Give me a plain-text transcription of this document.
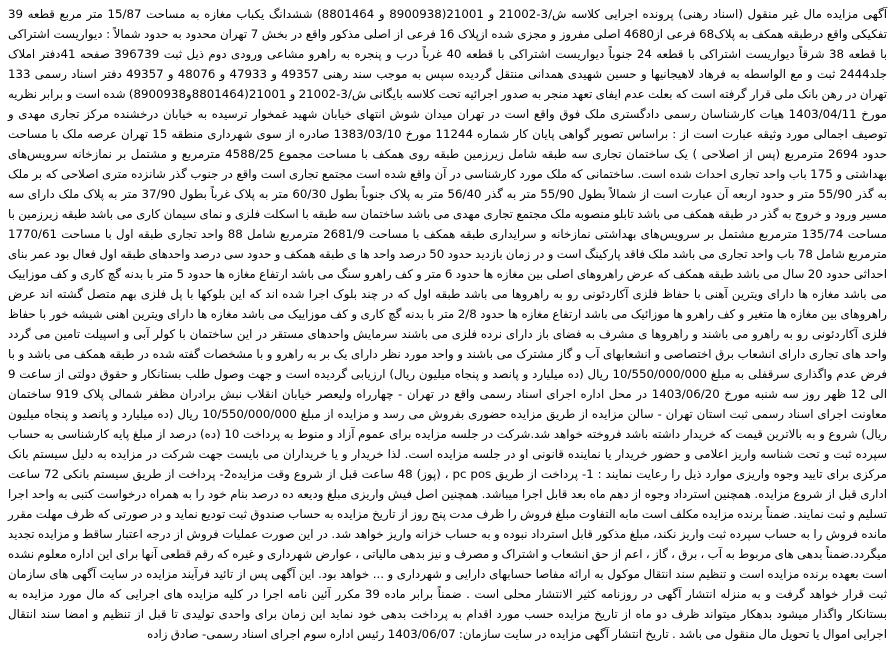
آگهی مزایده مال غیر منقول (اسناد رهنی) پرونده اجرایی کلاسه ش/3-21002 و 21001(8900938 و 8801464) ششدانگ یکباب مغازه به مساحت 15/87 متر مربع قطعه 39 تفکیکی واقع درطبقه همکف به پلاک68 فرعی از4680 اصلی مفروز و مجزی شده ازپلاک 16 فرعی از اصلی مذکور واقع در بخش 7 تهران محدود به حدود شمالاً : دیواریست اشتراکی با قطعه 38 شرقاً دیواریست اشتراکی با قطعه 24 جنوباً دیواریست اشتراکی با قطعه 40 غرباً درب و پنجره به راهرو مشاعی ورودی دوم ذیل ثبت 396739 صفحه 41دفتر املاک جلد2444 ثبت و مع الواسطه به فرهاد لاهیجانیها و حسین شهیدی همدانی منتقل گردیده سپس به موجب سند رهنی 49357 و 47933 و 48076 و 49357 دفتر اسناد رسمی 133 تهران در رهن بانک ملی قرار گرفته است که بعلت عدم ایفای تعهد منجر به صدور اجرائیه تحت کلاسه بایگانی ش/3-21002 و 21001(8801464و8900938) شده است و برابر نظریه مورخ 1403/04/11 هیات کارشناسان رسمی دادگستری ملک فوق واقع است در تهران میدان شوش انتهای خیابان شهید غمخوار ترسیده به خیابان درخشنده مرکز تجاری مهدی و توصیف اجمالی مورد وثیقه عبارت است از : براساس تصویر گواهی پایان کار شماره 11244 مورخ 1383/03/10 صادره از سوی شهرداری منطقه 15 تهران عرصه ملک با مساحت حدود 2694 مترمربع (پس از اصلاحی ) یک ساختمان تجاری سه طبقه شامل زیرزمین طبقه روی همکف با مساحت مجموع 4588/25 مترمربع و مشتمل بر نمازخانه سرویس‌های بهداشتی و 175 باب واحد تجاری احداث شده است. ساختمانی که ملک مورد کارشناسی در آن واقع شده است مجتمع تجاری است واقع در جنوب گذر شانزده متری اصلاحی که بر ملک به گذر 55/90 متر و حدود اربعه آن عبارت است از شمالاً بطول 55/90 متر به گذر 56/40 متر به پلاک جنوباً بطول 60/30 متر به پلاک غرباً بطول 37/90 متر به پلاک ملک دارای سه مسیر ورود و خروج به گذر در طبقه همکف می باشد تابلو منصوبه ملک مجتمع تجاری مهدی می باشد ساختمان سه طبقه با اسکلت فلزی و نمای سیمان کاری می باشد طبقه زیرزمین با مساحت 135/74 مترمربع مشتمل بر سرویس‌های بهداشتی نمازخانه و سرایداری طبقه همکف با مساحت 2681/9 مترمربع شامل 88 واحد تجاری طبقه اول با مساحت 1770/61 مترمربع شامل 78 باب واحد تجاری می باشد ملک فاقد پارکینگ است و در زمان بازدید حدود 50 درصد واحد ها ی طبقه همکف و حدود سی درصد واحدهای طبقه اول فعال بود عمر بنای احداثی حدود 20 سال می باشد طبقه همکف که عرض راهروهای اصلی بین مغازه ها حدود 6 متر و کف راهرو سنگ می باشد ارتفاع مغازه ها حدود 5 متر با بدنه گچ کاری و کف موزاییک می باشد مغازه ها دارای ویترین آهنی با حفاظ فلزی آکاردئونی رو به راهروها می باشد طبقه اول که در چند بلوک اجرا شده اند که این بلوکها با پل فلزی بهم متصل گشته اند عرض راهروهای بین مغازه ها متغیر و کف راهرو ها موزائیک می باشد ارتفاع مغازه ها حدود 2/8 متر با بدنه گچ کاری و کف موزاییک می باشد مغازه ها دارای ویترین اهنی شیشه خور با حفاظ فلزی آکاردئونی رو به راهرو می باشند و راهروها ی مشرف به فضای باز دارای نرده فلزی می باشند سرمایش واحدهای مستقر در این ساختمان با کولر آبی و اسپیلت تامین می گردد واحد های تجاری دارای انشعاب برق اختصاصی و انشعابهای آب و گاز مشترک می باشند و واحد مورد نظر دارای یک بر به راهرو و با مشخصات گفته شده در طبقه همکف می باشد و با فرض عدم واگذاری سرقفلی به مبلغ 10/550/000/000 ریال (ده میلیارد و پانصد و پنجاه میلیون ریال) ارزیابی گردیده است و جهت وصول طلب بستانکار و حقوق دولتی از ساعت 9 الی 12 ظهر روز سه شنبه مورخ 1403/06/20 در محل اداره اجرای اسناد رسمی واقع در تهران - چهارراه ولیعصر خیابان انقلاب نبش برادران مظفر شمالی پلاک 919 ساختمان معاونت اجرای اسناد رسمی ثبت استان تهران - سالن مزایده از طریق مزایده حضوری بفروش می رسد و مزایده از مبلغ 10/550/000/000 ریال (ده میلیارد و پانصد و پنجاه میلیون ریال) شروع و به بالاترین قیمت که خریدار داشته باشد فروخته خواهد شد.شرکت در جلسه مزایده برای عموم آزاد و منوط به پرداخت 10 (ده) درصد از مبلغ پایه کارشناسی به حساب سپرده ثبت و تحت شناسه واریز اعلامی و حضور خریدار یا نماینده قانونی او در جلسه مزایده است. لذا خریدار و یا خریداران می بایست جهت شرکت در مزایده به دلیل سیستم بانک مرکزی برای تایید وجوه واریزی موارد ذیل را رعایت نمایند : 1- پرداخت از طریق pc pos ، (پوز) 48 ساعت قبل از شروع وقت مزایده2- پرداخت از طریق سیستم بانکی 72 ساعت اداری قبل از شروع مزایده. همچنین استرداد وجوه از دهم ماه بعد قابل اجرا میباشد. همچنین اصل فیش واریزی مبلغ ودیعه ده درصد بنام خود را به همراه درخواست کتبی به واحد اجرا تسلیم و ثبت نمایند. ضمناً برنده مزایده مکلف است مابه التفاوت مبلغ فروش را ظرف مدت پنج روز از تاریخ مزایده به حساب صندوق ثبت تودیع نماید و در صورتی که ظرف مهلت مقرر مانده فروش را به حساب سپرده ثبت واریز نکند، مبلغ مذکور قابل استرداد نبوده و به حساب خزانه واریز خواهد شد. در این صورت عملیات فروش از درجه اعتبار ساقط و مزایده تجدید میگردد.ضمناً بدهی های مربوط به آب ، برق ، گاز ، اعم از حق انشعاب و اشتراک و مصرف و نیز بدهی مالیاتی ، عوارض شهرداری و غیره که رقم قطعی آنها برای این اداره معلوم نشده است بعهده برنده مزایده است و تنظیم سند انتقال موکول به ارائه مفاصا حسابهای دارایی و شهرداری و ... خواهد بود. این آگهی پس از تائید فرآیند مزایده در سایت آگهی های سازمان ثبت قرار خواهد گرفت و به منزله انتشار آگهی در روزنامه کثیر الانتشار محلی است . ضمناً برابر ماده 39 مکرر آئین نامه اجرا در کلیه مزایده های اجرایی که مال مورد مزایده به بستانکار واگذار میشود بدهکار میتواند ظرف دو ماه از تاریخ مزایده حسب مورد اقدام به پرداخت بدهی خود نماید این زمان برای واحدی تولیدی تا قبل از تنظیم و امضا سند انتقال اجرایی اموال یا تحویل مال منقول می باشد . تاریخ انتشار آگهی مزایده در سایت سازمان: 1403/06/07 رئیس اداره سوم اجرای اسناد رسمی- صادق زاده
